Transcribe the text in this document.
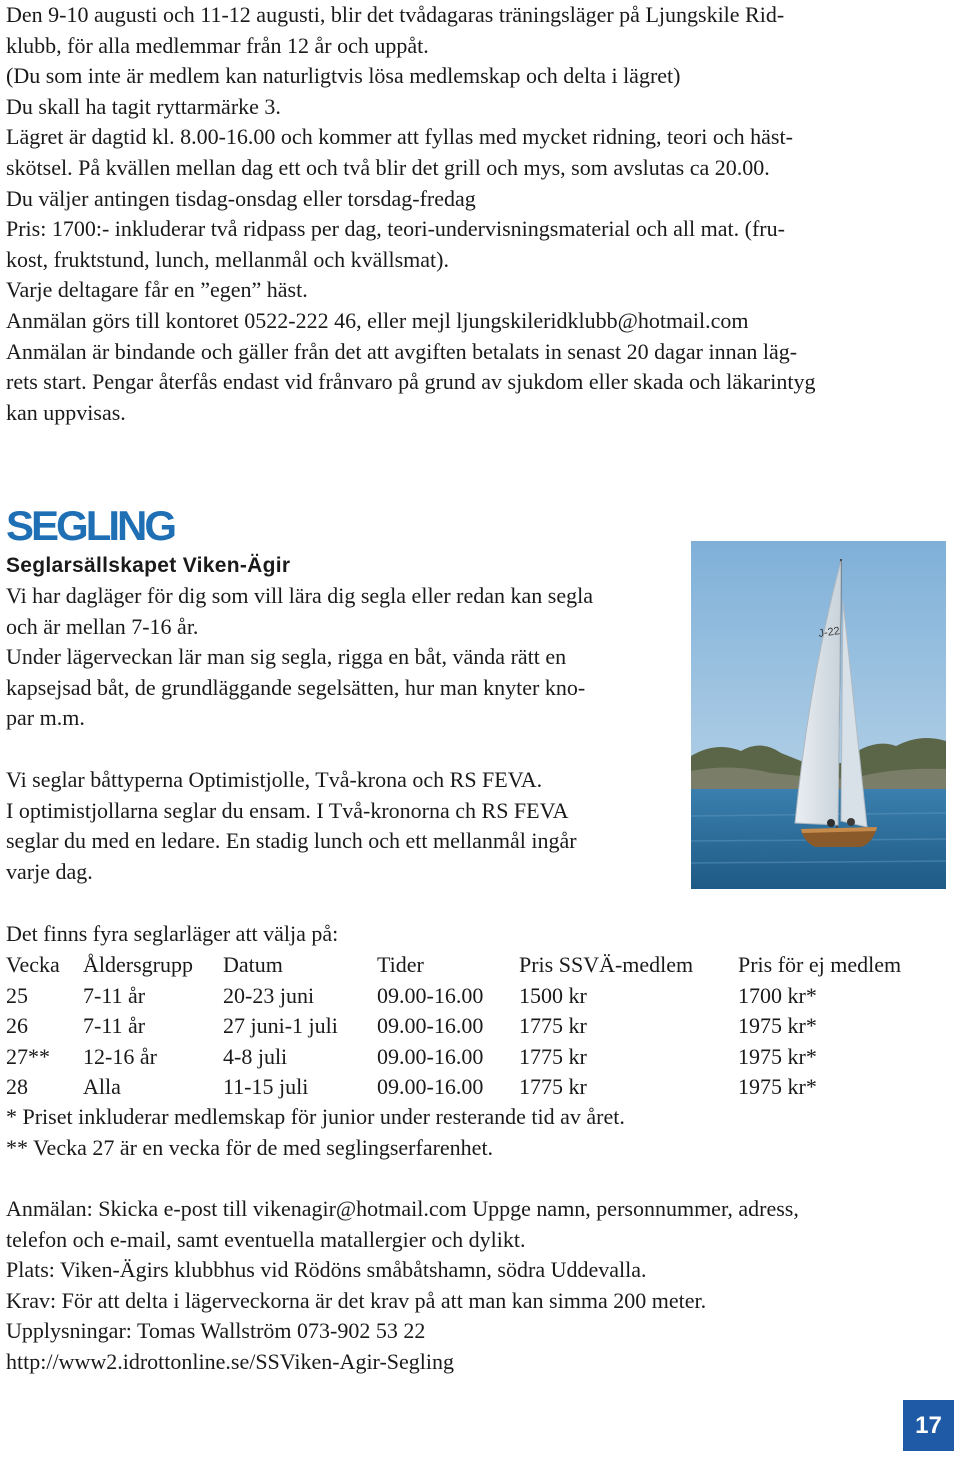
Den 9-10 augusti och 11-12 augusti, blir det tvådagaras träningsläger på Ljungskile Rid-

klubb, för alla medlemmar från 12 år och uppåt.

(Du som inte är medlem kan naturligtvis lösa medlemskap och delta i lägret)

Du skall ha tagit ryttarmärke 3.

Lägret är dagtid kl. 8.00-16.00 och kommer att fyllas med mycket ridning, teori och häst-

skötsel. På kvällen mellan dag ett och två blir det grill och mys, som avslutas ca 20.00.

Du väljer antingen tisdag-onsdag eller torsdag-fredag

Pris: 1700:- inkluderar två ridpass per dag, teori-undervisningsmaterial och all mat. (fru-

kost, fruktstund, lunch, mellanmål och kvällsmat).

Varje deltagare får en ”egen” häst.

Anmälan görs till kontoret 0522-222 46, eller mejl ljungskileridklubb@hotmail.com

Anmälan är bindande och gäller från det att avgiften betalats in senast 20 dagar innan läg-

rets start. Pengar återfås endast vid frånvaro på grund av sjukdom eller skada och läkarintyg

kan uppvisas.

SEGLING
Seglarsällskapet Viken-Ägir

Vi har dagläger för dig som vill lära dig segla eller redan kan segla

och är mellan 7-16 år.

Under lägerveckan lär man sig segla, rigga en båt, vända rätt en

kapsejsad båt, de grundläggande segelsätten, hur man knyter kno-

par m.m.

Vi seglar båttyperna Optimistjolle, Två-krona och RS FEVA.

I optimistjollarna seglar du ensam. I Två-kronorna ch RS FEVA

seglar du med en ledare. En stadig lunch och ett mellanmål ingår

varje dag.

J-22

Det finns fyra seglarläger att välja på:

Vecka	Åldersgrupp	Datum	Tider	Pris SSVÄ-medlem	Pris för ej medlem
25	7-11 år	20-23 juni	09.00-16.00	1500 kr	1700 kr*
26	7-11 år	27 juni-1 juli	09.00-16.00	1775 kr	1975 kr*
27**	12-16 år	4-8 juli	09.00-16.00	1775 kr	1975 kr*
28	Alla	11-15 juli	09.00-16.00	1775 kr	1975 kr*

* Priset inkluderar medlemskap för junior under resterande tid av året.

** Vecka 27 är en vecka för de med seglingserfarenhet.

Anmälan: Skicka e-post till vikenagir@hotmail.com Uppge namn, personnummer, adress,

telefon och e-mail, samt eventuella matallergier och dylikt.

Plats: Viken-Ägirs klubbhus vid Rödöns småbåtshamn, södra Uddevalla.

Krav: För att delta i lägerveckorna är det krav på att man kan simma 200 meter.

Upplysningar: Tomas Wallström 073-902 53 22

http://www2.idrottonline.se/SSViken-Agir-Segling

17
